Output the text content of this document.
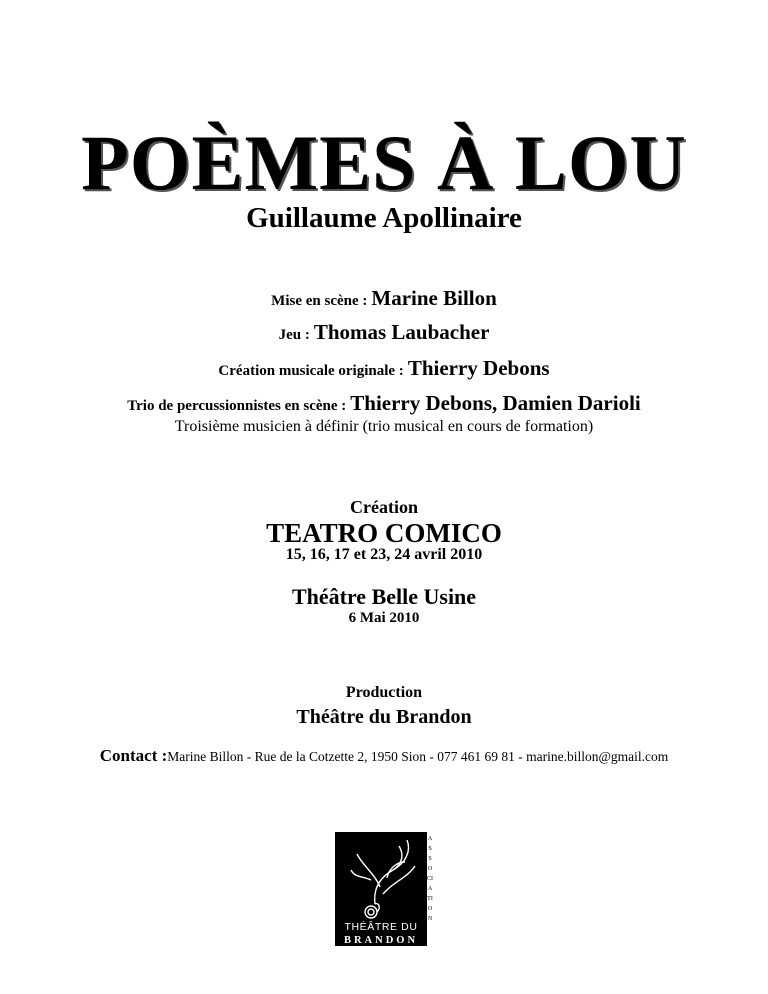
POÈMES À LOU
Guillaume Apollinaire
Mise en scène : Marine Billon
Jeu : Thomas Laubacher
Création musicale originale : Thierry Debons
Trio de percussionnistes en scène : Thierry Debons, Damien Darioli
Troisième musicien à définir (trio musical en cours de formation)
Création
TEATRO COMICO
15, 16, 17 et 23, 24 avril 2010
Théâtre Belle Usine
6 Mai 2010
Production
Théâtre du Brandon
Contact :Marine Billon - Rue de la Cotzette 2, 1950 Sion - 077 461 69 81 - marine.billon@gmail.com
THÉÂTRE DU
BRANDON
ASSOCIATION
